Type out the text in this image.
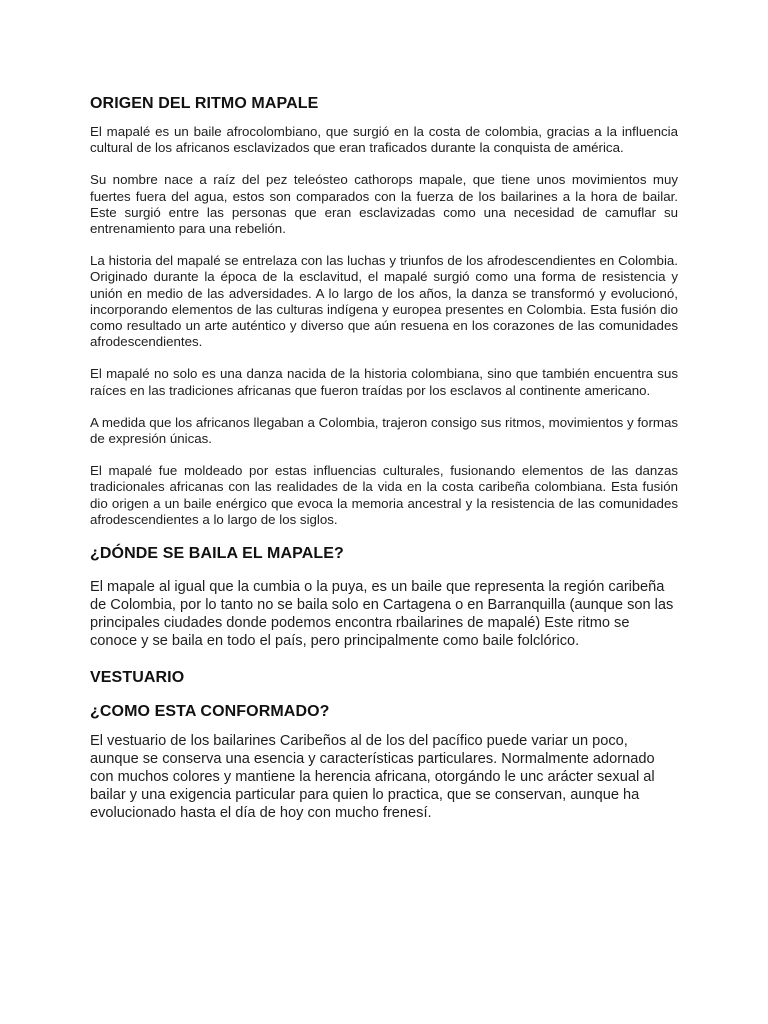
ORIGEN DEL RITMO MAPALE

El mapalé es un baile afrocolombiano, que surgió en la costa de colombia, gracias a la influencia cultural de los africanos esclavizados que eran traficados durante la conquista de américa.

Su nombre nace a raíz del pez teleósteo cathorops mapale, que tiene unos movimientos muy fuertes fuera del agua, estos son comparados con la fuerza de los bailarines a la hora de bailar. Este surgió entre las personas que eran esclavizadas como una necesidad de camuflar su entrenamiento para una rebelión.

La historia del mapalé se entrelaza con las luchas y triunfos de los afrodescendientes en Colombia. Originado durante la época de la esclavitud, el mapalé surgió como una forma de resistencia y unión en medio de las adversidades. A lo largo de los años, la danza se transformó y evolucionó, incorporando elementos de las culturas indígena y europea presentes en Colombia. Esta fusión dio como resultado un arte auténtico y diverso que aún resuena en los corazones de las comunidades afrodescendientes.

El mapalé no solo es una danza nacida de la historia colombiana, sino que también encuentra sus raíces en las tradiciones africanas que fueron traídas por los esclavos al continente americano.

A medida que los africanos llegaban a Colombia, trajeron consigo sus ritmos, movimientos y formas de expresión únicas.

El mapalé fue moldeado por estas influencias culturales, fusionando elementos de las danzas tradicionales africanas con las realidades de la vida en la costa caribeña colombiana. Esta fusión dio origen a un baile enérgico que evoca la memoria ancestral y la resistencia de las comunidades afrodescendientes a lo largo de los siglos.

¿DÓNDE SE BAILA EL MAPALE?

El mapale al igual que la cumbia o la puya, es un baile que representa la región caribeña de Colombia, por lo tanto no se baila solo en Cartagena o en Barranquilla (aunque son las principales ciudades donde podemos encontra rbailarines de mapalé) Este ritmo se conoce y se baila en todo el país, pero principalmente como baile folclórico.

VESTUARIO
¿COMO ESTA CONFORMADO?

El vestuario de los bailarines Caribeños al de los del pacífico puede variar un poco, aunque se conserva una esencia y características particulares. Normalmente adornado con muchos colores y mantiene la herencia africana, otorgándo le unc arácter sexual al bailar y una exigencia particular para quien lo practica, que se conservan, aunque ha evolucionado hasta el día de hoy con mucho frenesí.
